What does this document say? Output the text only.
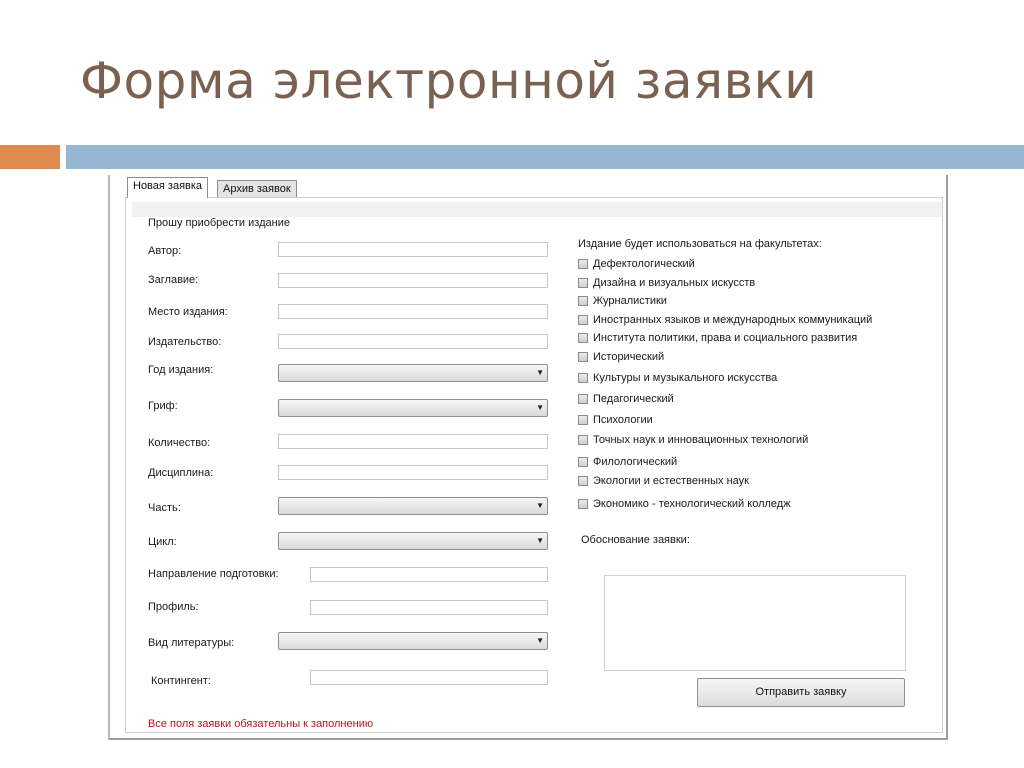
Форма электронной заявки
Новая заявка	Архив заявок
Прошу приобрести издание
Автор:
Заглавие:
Место издания:
Издательство:
Год издания:	▼
Гриф:	▼
Количество:
Дисциплина:
Часть:	▼
Цикл:	▼
Направление подготовки:
Профиль:
Вид литературы:	▼
Контингент:
Все поля заявки обязательны к заполнению
Издание будет использоваться на факультетах:
Дефектологический
Дизайна и визуальных искусств
Журналистики
Иностранных языков и международных коммуникаций
Института политики, права и социального развития
Исторический
Культуры и музыкального искусства
Педагогический
Психологии
Точных наук и инновационных технологий
Филологический
Экологии и естественных наук
Экономико - технологический колледж
Обоснование заявки:
Отправить заявку
